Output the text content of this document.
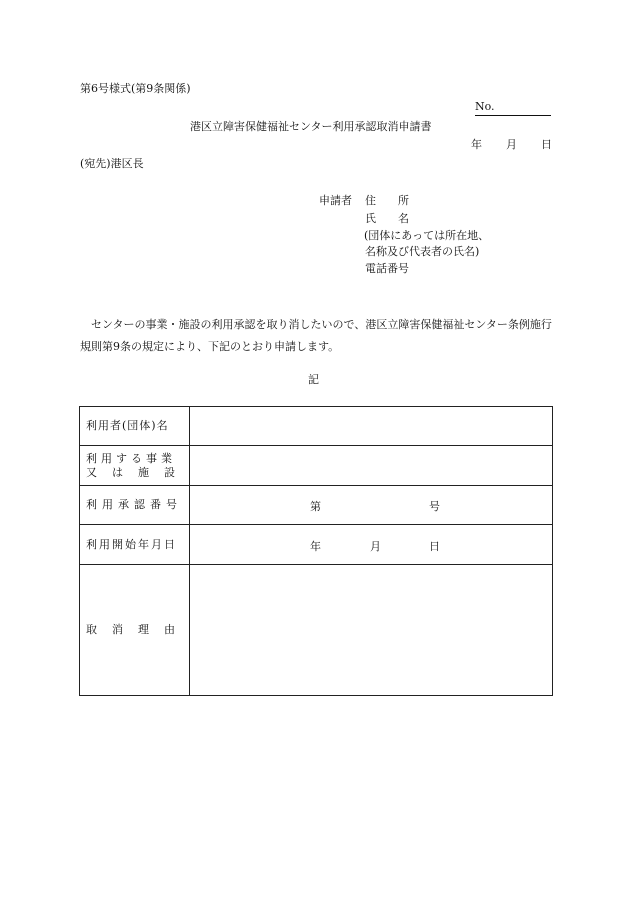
第6号様式(第9条関係)
No.
港区立障害保健福祉センター利用承認取消申請書
年 月 日
(宛先)港区長
申請者 住　　所
氏　　名
(団体にあっては所在地、
名称及び代表者の氏名)
電話番号
センターの事業・施設の利用承認を取り消したいので、港区立障害保健福祉センター条例施行規則第9条の規定により、下記のとおり申請します。
記
利用者(団体)名	

利用する事業
又 は 施 設	

利用承認番号	第 号

利用開始年月日	年 月 日

取 消 理 由	
